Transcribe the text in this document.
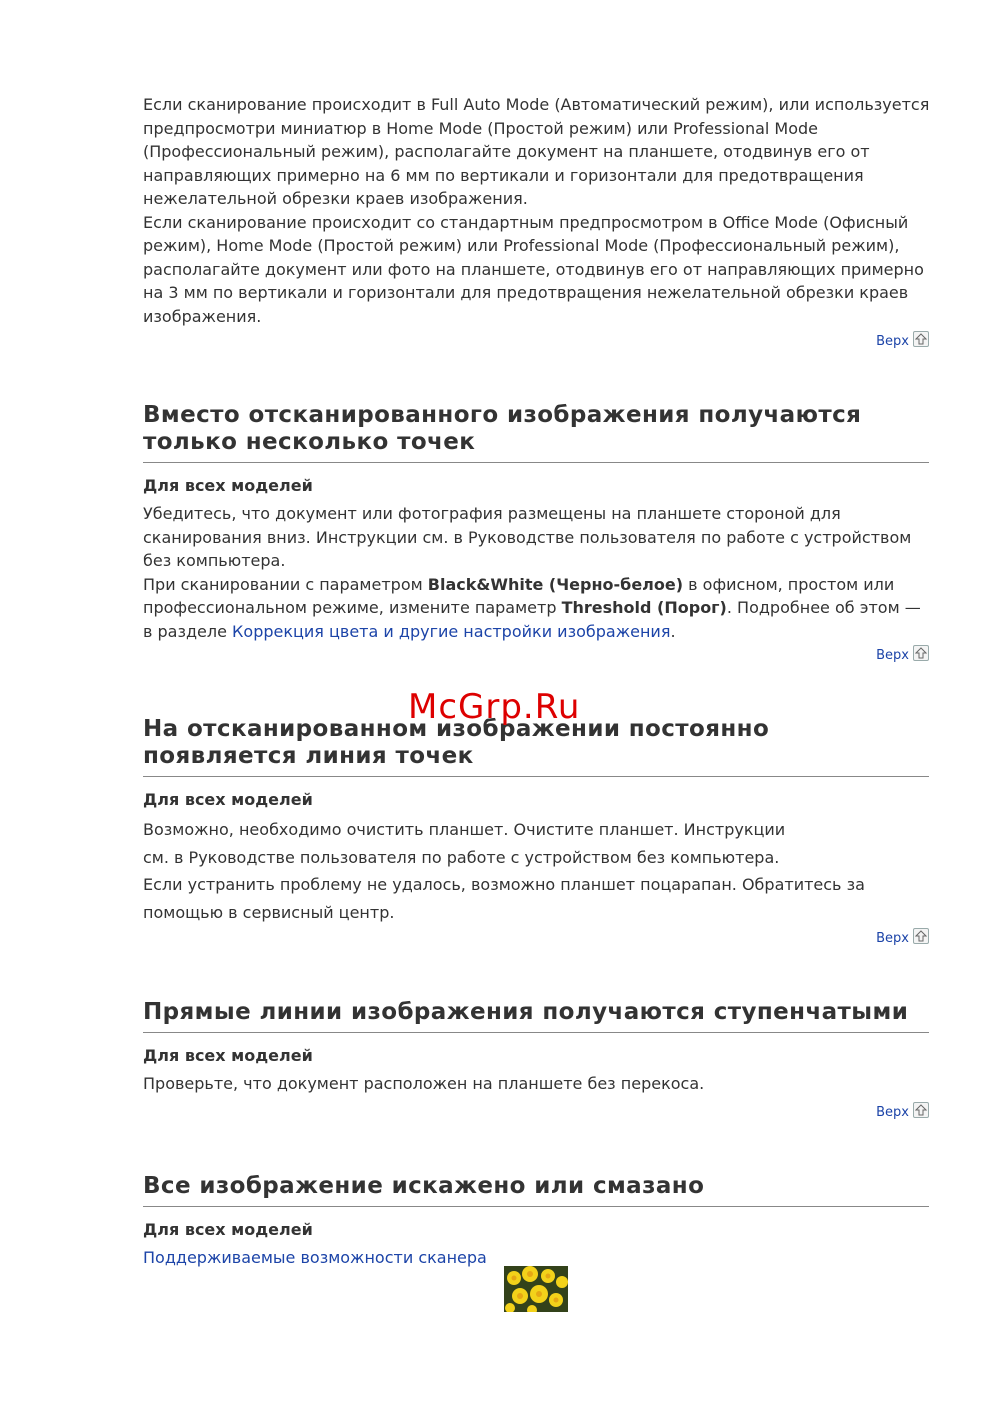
Если сканирование происходит в Full Auto Mode (Автоматический режим), или используется предпросмотри миниатюр в Home Mode (Простой режим) или Professional Mode (Профессиональный режим), располагайте документ на планшете, отодвинув его от направляющих примерно на 6 мм по вертикали и горизонтали для предотвращения нежелательной обрезки краев изображения.

Если сканирование происходит со стандартным предпросмотром в Office Mode (Офисный режим), Home Mode (Простой режим) или Professional Mode (Профессиональный режим), располагайте документ или фото на планшете, отодвинув его от направляющих примерно на 3 мм по вертикали и горизонтали для предотвращения нежелательной обрезки краев изображения.

Верх
Вместо отсканированного изображения получаются только несколько точек
Для всех моделей

Убедитесь, что документ или фотография размещены на планшете стороной для сканирования вниз. Инструкции см. в Руководстве пользователя по работе с устройством без компьютера.

При сканировании с параметром Black&White (Черно-белое) в офисном, простом или профессиональном режиме, измените параметр Threshold (Порог). Подробнее об этом — в разделе Коррекция цвета и другие настройки изображения.

Верх
На отсканированном изображении постоянно появляется линия точек
Для всех моделей

Возможно, необходимо очистить планшет. Очистите планшет. Инструкции

см. в Руководстве пользователя по работе с устройством без компьютера.

Если устранить проблему не удалось, возможно планшет поцарапан. Обратитесь за помощью в сервисный центр.

Верх
Прямые линии изображения получаются ступенчатыми
Для всех моделей

Проверьте, что документ расположен на планшете без перекоса.

Верх
Все изображение искажено или смазано
Для всех моделей

Поддерживаемые возможности сканера

McGrp.Ru
